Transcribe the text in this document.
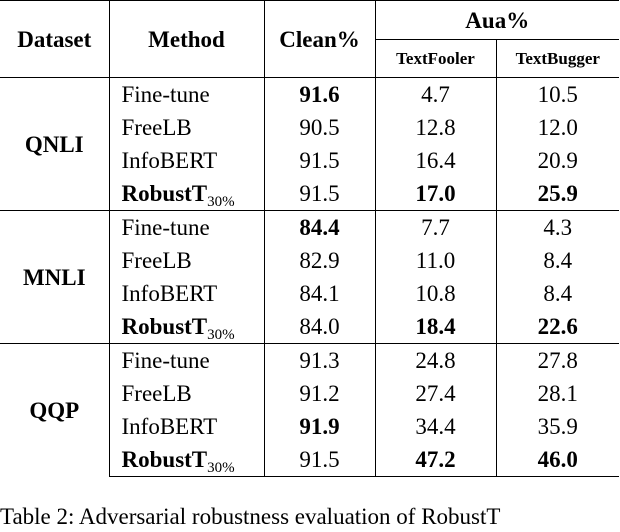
Dataset	Method	Clean%	Aua%	
			TextFooler	TextBugger
QNLI	Fine-tune	91.6	4.7	10.5
	FreeLB	90.5	12.8	12.0
	InfoBERT	91.5	16.4	20.9
	RobustT$_{30\%}$	91.5	17.0	25.9
MNLI	Fine-tune	84.4	7.7	4.3
	FreeLB	82.9	11.0	8.4
	InfoBERT	84.1	10.8	8.4
	RobustT$_{30\%}$	84.0	18.4	22.6
QQP	Fine-tune	91.3	24.8	27.8
	FreeLB	91.2	27.4	28.1
	InfoBERT	91.9	34.4	35.9
	RobustT$_{30\%}$	91.5	47.2	46.0
Table 2: Adversarial robustness evaluation of RobustT
